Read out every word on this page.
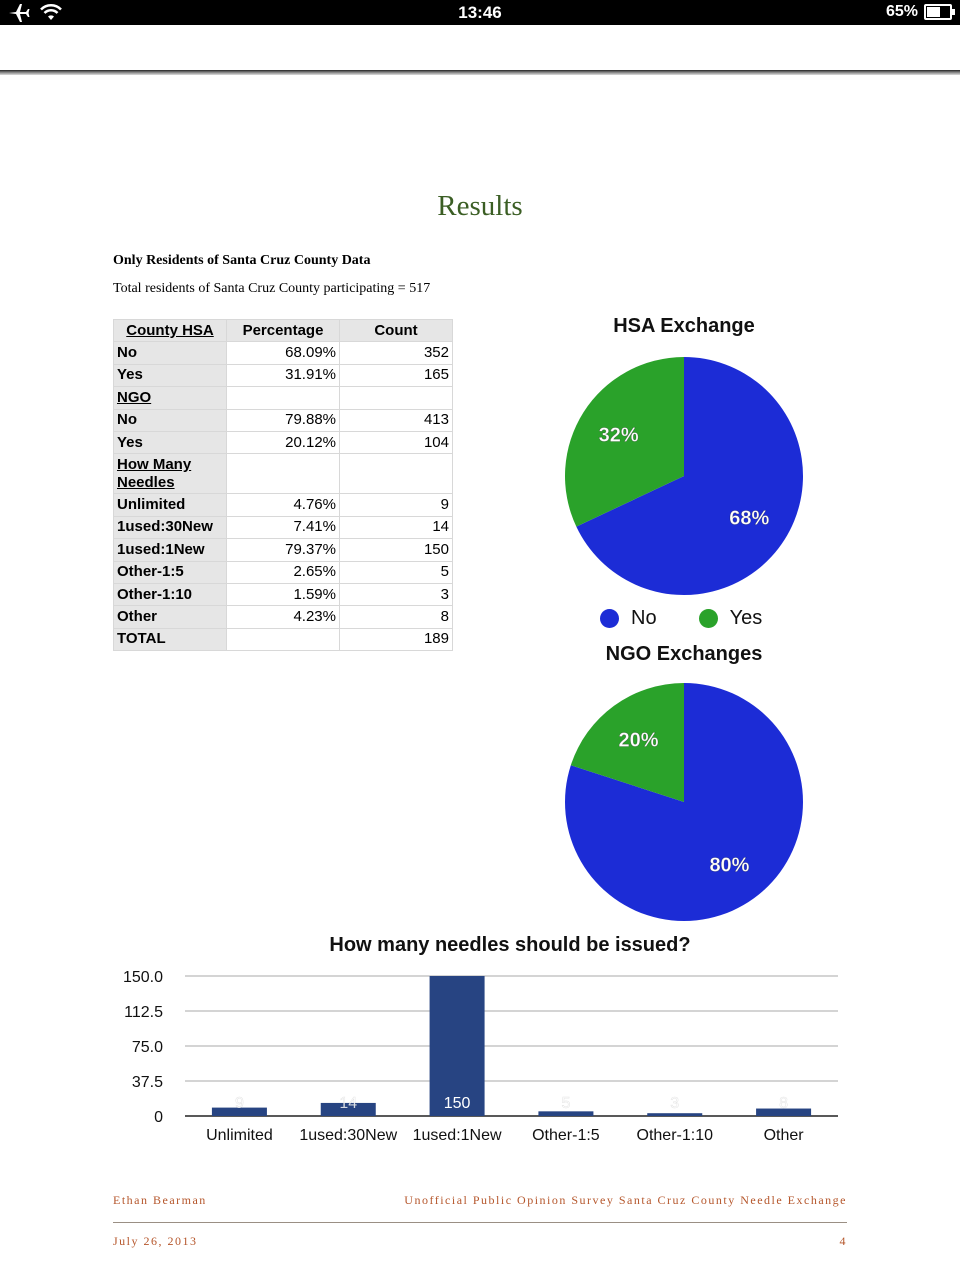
13:46	65%
Results
Only Residents of Santa Cruz County Data
Total residents of Santa Cruz County participating = 517
County HSA	Percentage	Count
No	68.09%	352
Yes	31.91%	165
NGO		
No	79.88%	413
Yes	20.12%	104
How Many Needles		
Unlimited	4.76%	9
1used:30New	7.41%	14
1used:1New	79.37%	150
Other-1:5	2.65%	5
Other-1:10	1.59%	3
Other	4.23%	8
TOTAL		189
HSA Exchange
NGO Exchanges
68%
32%
80%
20%
No	Yes
How many needles should be issued?
0
37.5
75.0
112.5
150.0
9
Unlimited
14
1used:30New
150
1used:1New
5
Other-1:5
3
Other-1:10
8
Other
Ethan Bearman	Unofficial Public Opinion Survey Santa Cruz County Needle Exchange
July 26, 2013	4
